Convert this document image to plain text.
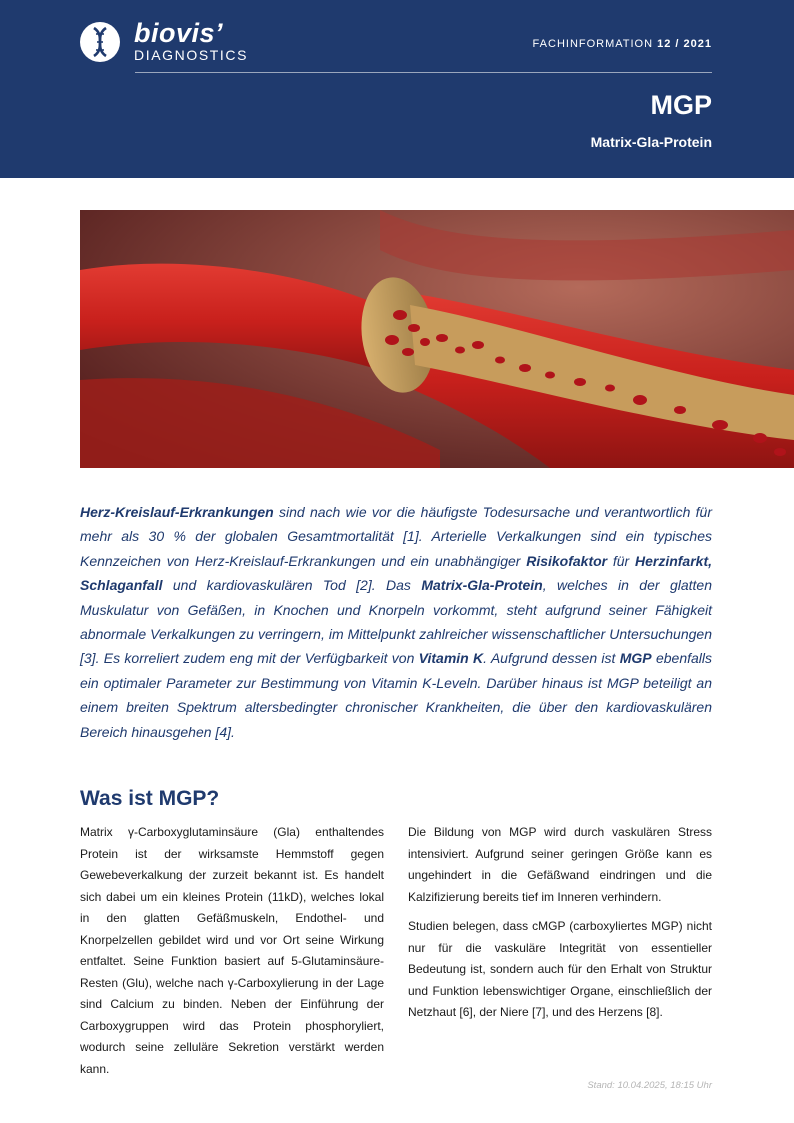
biovis’
DIAGNOSTICS
FACHINFORMATION 12 / 2021
MGP
Matrix-Gla-Protein
Herz-Kreislauf-Erkrankungen sind nach wie vor die häufigste Todesursache und verantwortlich für mehr als 30 % der globalen Gesamtmortalität [1]. Arterielle Verkalkungen sind ein typisches Kennzeichen von Herz-Kreislauf-Erkrankungen und ein unabhängiger Risikofaktor für Herzinfarkt, Schlaganfall und kardiovaskulären Tod [2]. Das Matrix-Gla-Protein, welches in der glatten Muskulatur von Gefäßen, in Knochen und Knorpeln vorkommt, steht aufgrund seiner Fähigkeit abnormale Verkalkungen zu verringern, im Mittelpunkt zahlreicher wissenschaftlicher Untersuchungen [3]. Es korreliert zudem eng mit der Verfügbarkeit von Vitamin K. Aufgrund dessen ist MGP ebenfalls ein optimaler Parameter zur Bestimmung von Vitamin K-Leveln. Darüber hinaus ist MGP beteiligt an einem breiten Spektrum altersbedingter chronischer Krankheiten, die über den kardiovaskulären Bereich hinausgehen [4].
Was ist MGP?

Matrix γ-Carboxyglutaminsäure (Gla) enthaltendes Protein ist der wirksamste Hemmstoff gegen Gewebeverkalkung der zurzeit bekannt ist. Es handelt sich dabei um ein kleines Protein (11kD), welches lokal in den glatten Gefäßmuskeln, Endothel- und Knorpelzellen gebildet wird und vor Ort seine Wirkung entfaltet. Seine Funktion basiert auf 5-Glutaminsäure-Resten (Glu), welche nach γ-Carboxylierung in der Lage sind Calcium zu binden. Neben der Einführung der Carboxygruppen wird das Protein phosphoryliert, wodurch seine zelluläre Sekretion verstärkt werden kann.

Die Bildung von MGP wird durch vaskulären Stress intensiviert. Aufgrund seiner geringen Größe kann es ungehindert in die Gefäßwand eindringen und die Kalzifizierung bereits tief im Inneren verhindern.

Studien belegen, dass cMGP (carboxyliertes MGP) nicht nur für die vaskuläre Integrität von essentieller Bedeutung ist, sondern auch für den Erhalt von Struktur und Funktion lebenswichtiger Organe, einschließlich der Netzhaut [6], der Niere [7], und des Herzens [8].

Stand: 10.04.2025, 18:15 Uhr
